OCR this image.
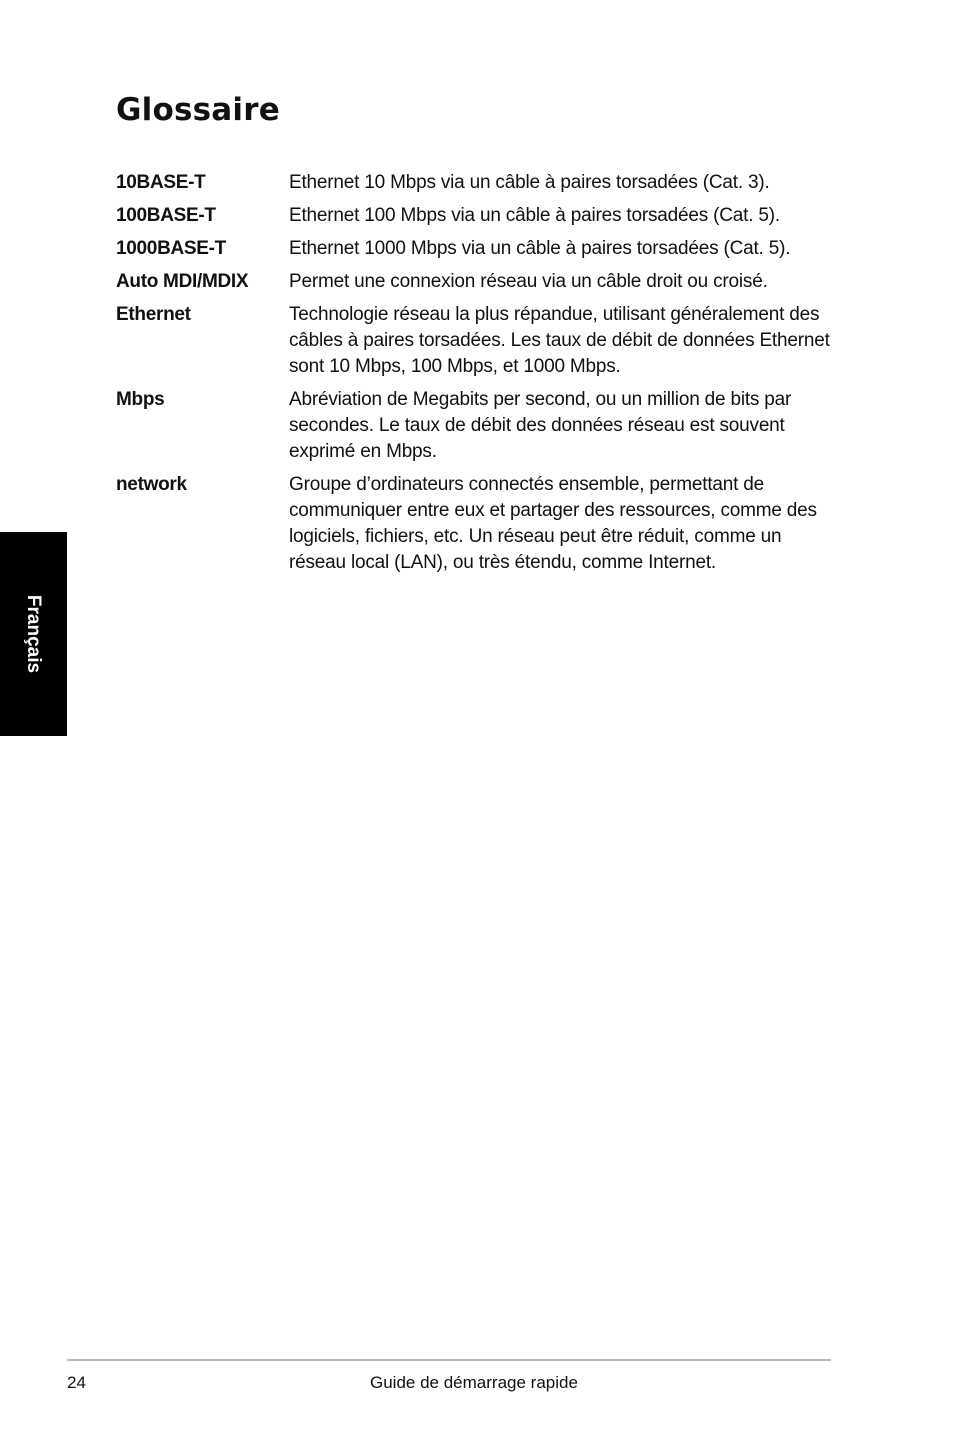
Glossaire
10BASE-T	Ethernet 10 Mbps via un câble à paires torsadées (Cat. 3).
100BASE-T	Ethernet 100 Mbps via un câble à paires torsadées (Cat. 5).
1000BASE-T	Ethernet 1000 Mbps via un câble à paires torsadées (Cat. 5).
Auto MDI/MDIX	Permet une connexion réseau via un câble droit ou croisé.
Ethernet	Technologie réseau la plus répandue, utilisant généralement des câbles à paires torsadées. Les taux de débit de données Ethernet sont 10 Mbps, 100 Mbps, et 1000 Mbps.
Mbps	Abréviation de Megabits per second, ou un million de bits par secondes. Le taux de débit des données réseau est souvent exprimé en Mbps.
network	Groupe d’ordinateurs connectés ensemble, permettant de communiquer entre eux et partager des ressources, comme des logiciels, fichiers, etc. Un réseau peut être réduit, comme un réseau local (LAN), ou très étendu, comme Internet.
Français
24	Guide de démarrage rapide
